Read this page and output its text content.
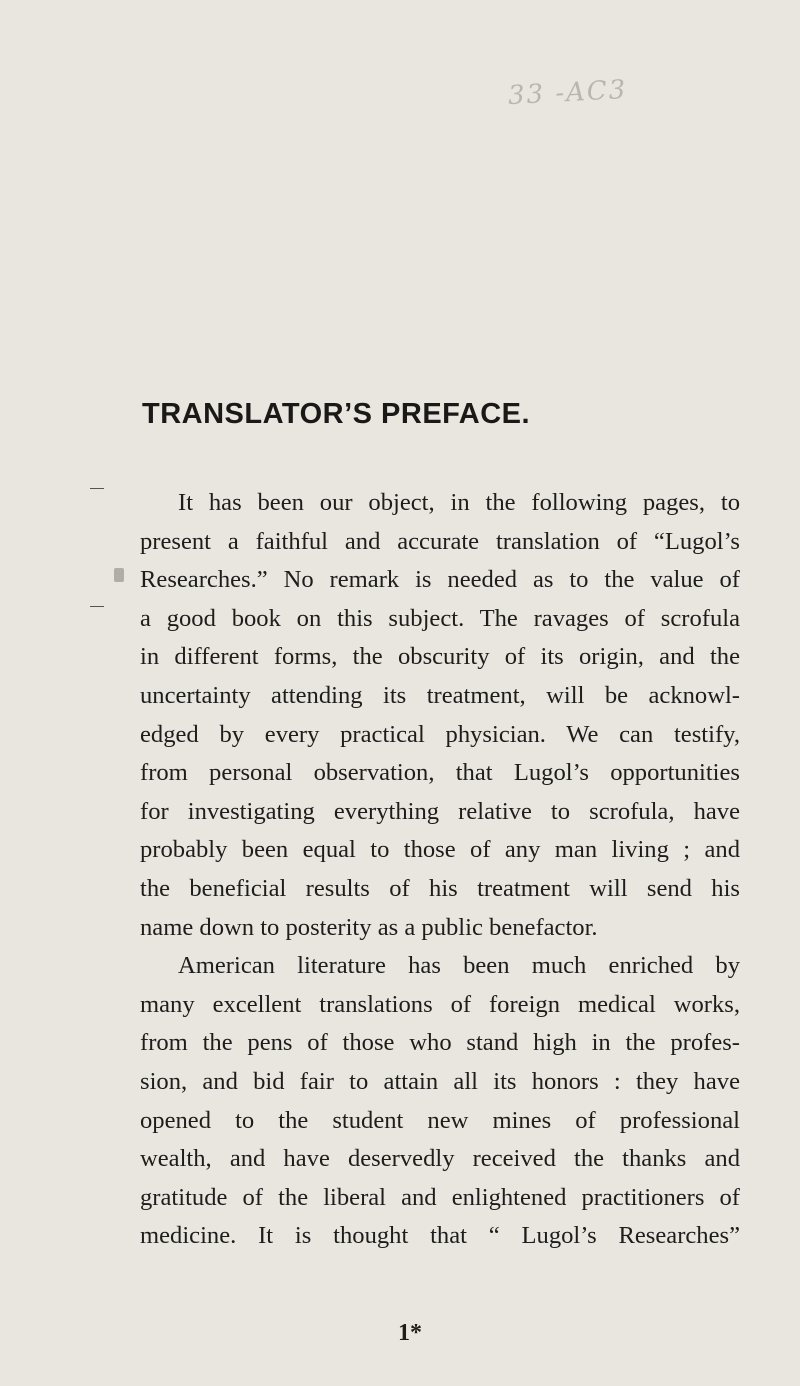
33 -AC3
TRANSLATOR’S PREFACE.
It has been our object, in the following pages, to
present a faithful and accurate translation of “Lugol’s
Researches.” No remark is needed as to the value of
a good book on this subject. The ravages of scrofula
in different forms, the obscurity of its origin, and the
uncertainty attending its treatment, will be acknowl-
edged by every practical physician. We can testify,
from personal observation, that Lugol’s opportunities
for investigating everything relative to scrofula, have
probably been equal to those of any man living ; and
the beneficial results of his treatment will send his
name down to posterity as a public benefactor.
American literature has been much enriched by
many excellent translations of foreign medical works,
from the pens of those who stand high in the profes-
sion, and bid fair to attain all its honors : they have
opened to the student new mines of professional
wealth, and have deservedly received the thanks and
gratitude of the liberal and enlightened practitioners of
medicine. It is thought that “ Lugol’s Researches”
1*
